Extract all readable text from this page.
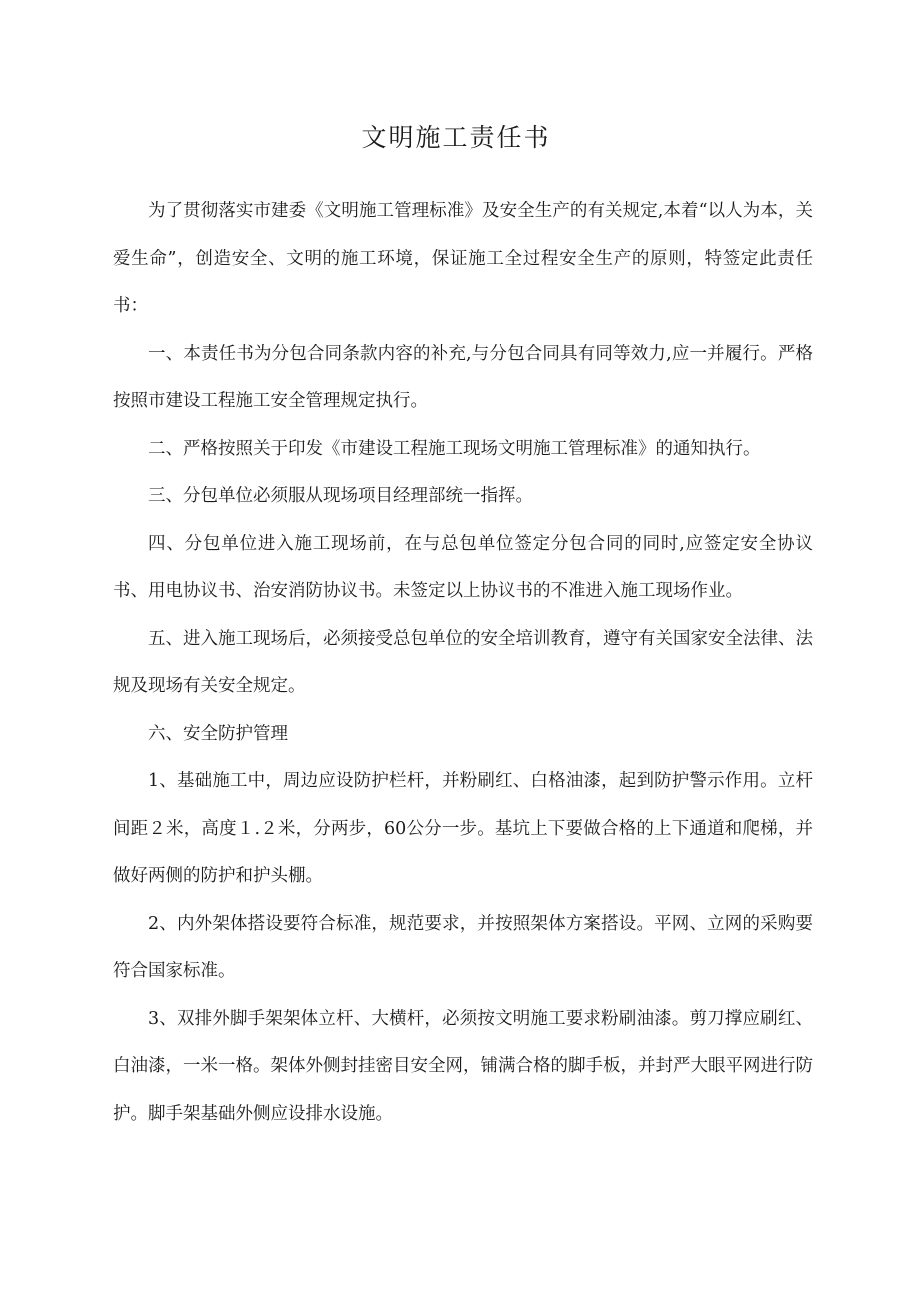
文明施工责任书

为了贯彻落实市建委《文明施工管理标准》及安全生产的有关规定,本着“以人为本，关爱生命”，创造安全、文明的施工环境，保证施工全过程安全生产的原则，特签定此责任书：

一、本责任书为分包合同条款内容的补充,与分包合同具有同等效力,应一并履行。严格按照市建设工程施工安全管理规定执行。

二、严格按照关于印发《市建设工程施工现场文明施工管理标准》的通知执行。

三、分包单位必须服从现场项目经理部统一指挥。

四、分包单位进入施工现场前，在与总包单位签定分包合同的同时,应签定安全协议书、用电协议书、治安消防协议书。未签定以上协议书的不准进入施工现场作业。

五、进入施工现场后，必须接受总包单位的安全培训教育，遵守有关国家安全法律、法规及现场有关安全规定。

六、安全防护管理

1、基础施工中，周边应设防护栏杆，并粉刷红、白格油漆，起到防护警示作用。立杆间距２米，高度１.２米，分两步，60公分一步。基坑上下要做合格的上下通道和爬梯，并做好两侧的防护和护头棚。

2、内外架体搭设要符合标准，规范要求，并按照架体方案搭设。平网、立网的采购要符合国家标准。

3、双排外脚手架架体立杆、大横杆，必须按文明施工要求粉刷油漆。剪刀撑应刷红、白油漆，一米一格。架体外侧封挂密目安全网，铺满合格的脚手板，并封严大眼平网进行防护。脚手架基础外侧应设排水设施。
